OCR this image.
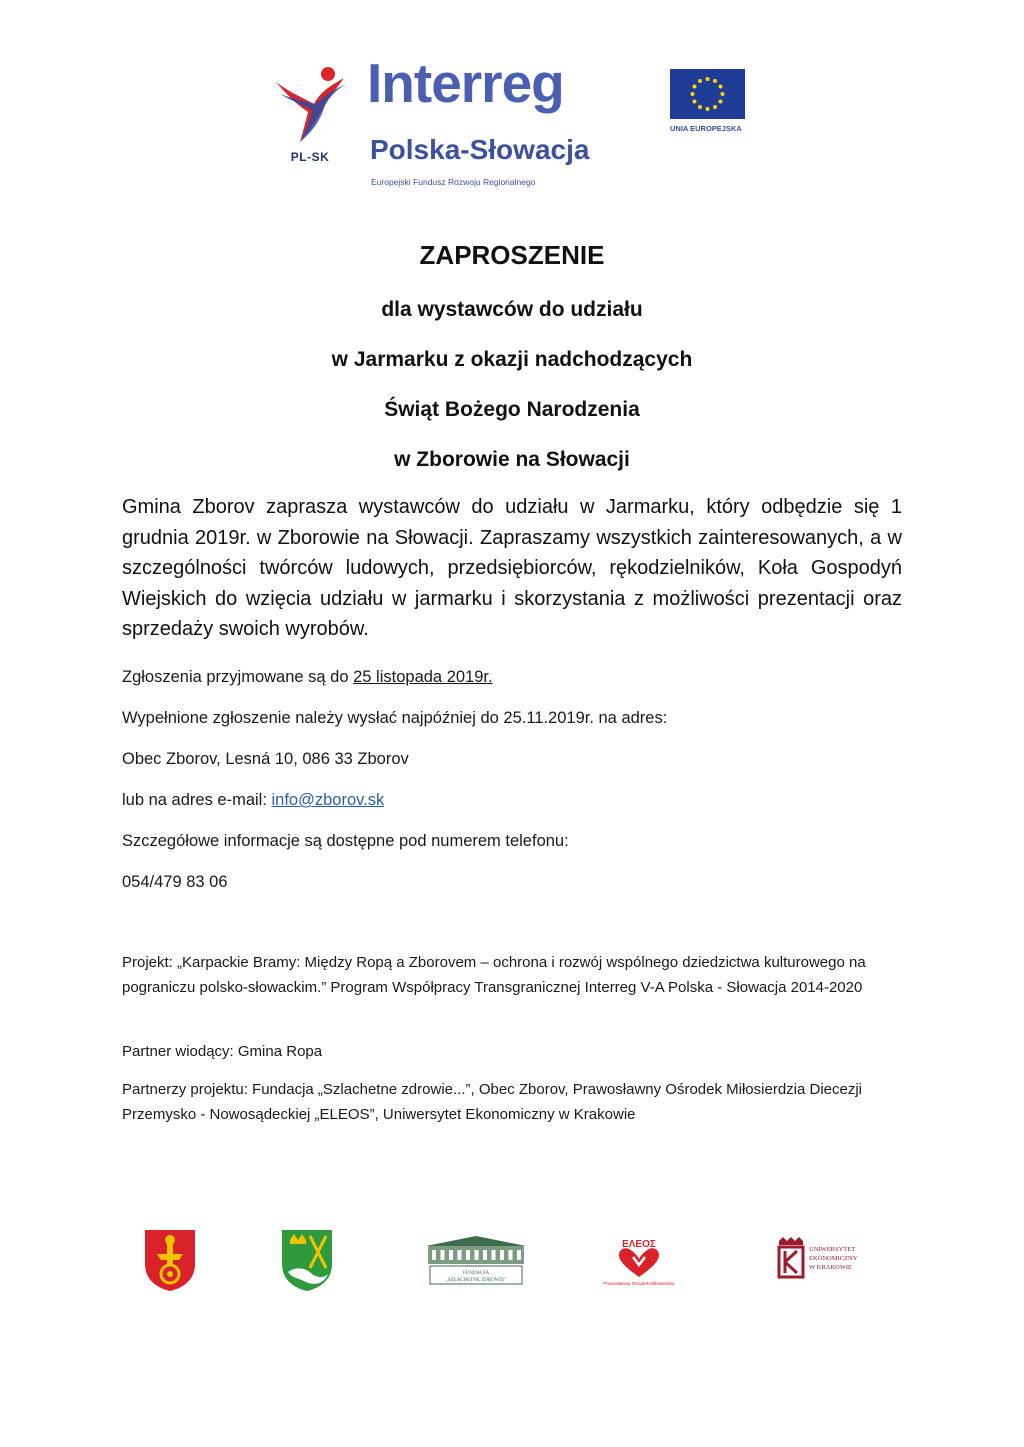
PL-SK
Interreg
Polska-Słowacja
Europejski Fundusz Rozwoju Regionalnego
UNIA EUROPEJSKA
ZAPROSZENIE
dla wystawców do udziału
w Jarmarku z okazji nadchodzących
Świąt Bożego Narodzenia
w Zborowie na Słowacji

Gmina Zborov zaprasza wystawców do udziału w Jarmarku, który odbędzie się 1 grudnia 2019r. w Zborowie na Słowacji. Zapraszamy wszystkich zainteresowanych, a w szczególności twórców ludowych, przedsiębiorców, rękodzielników, Koła Gospodyń Wiejskich do wzięcia udziału w jarmarku i skorzystania z możliwości prezentacji oraz sprzedaży swoich wyrobów.

Zgłoszenia przyjmowane są do 25 listopada 2019r.
Wypełnione zgłoszenie należy wysłać najpóźniej do 25.11.2019r. na adres:
Obec Zborov, Lesná 10, 086 33 Zborov
lub na adres e-mail: info@zborov.sk
Szczegółowe informacje są dostępne pod numerem telefonu:
054/479 83 06

Projekt: „Karpackie Bramy: Między Ropą a Zborovem – ochrona i rozwój wspólnego dziedzictwa kulturowego na pograniczu polsko-słowackim.” Program Współpracy Transgranicznej Interreg V-A Polska - Słowacja 2014-2020

Partner wiodący: Gmina Ropa

Partnerzy projektu: Fundacja „Szlachetne zdrowie...”, Obec Zborov, Prawosławny Ośrodek Miłosierdzia Diecezji Przemysko - Nowosądeckiej „ELEOS”, Uniwersytet Ekonomiczny w Krakowie

FUNDACJA
„SZLACHETNE ZDROWIE”
ΕΛΕΟΣ
Prawosławny Ośrodek Miłosierdzia
UNIWERSYTET
EKONOMICZNY
W KRAKOWIE
